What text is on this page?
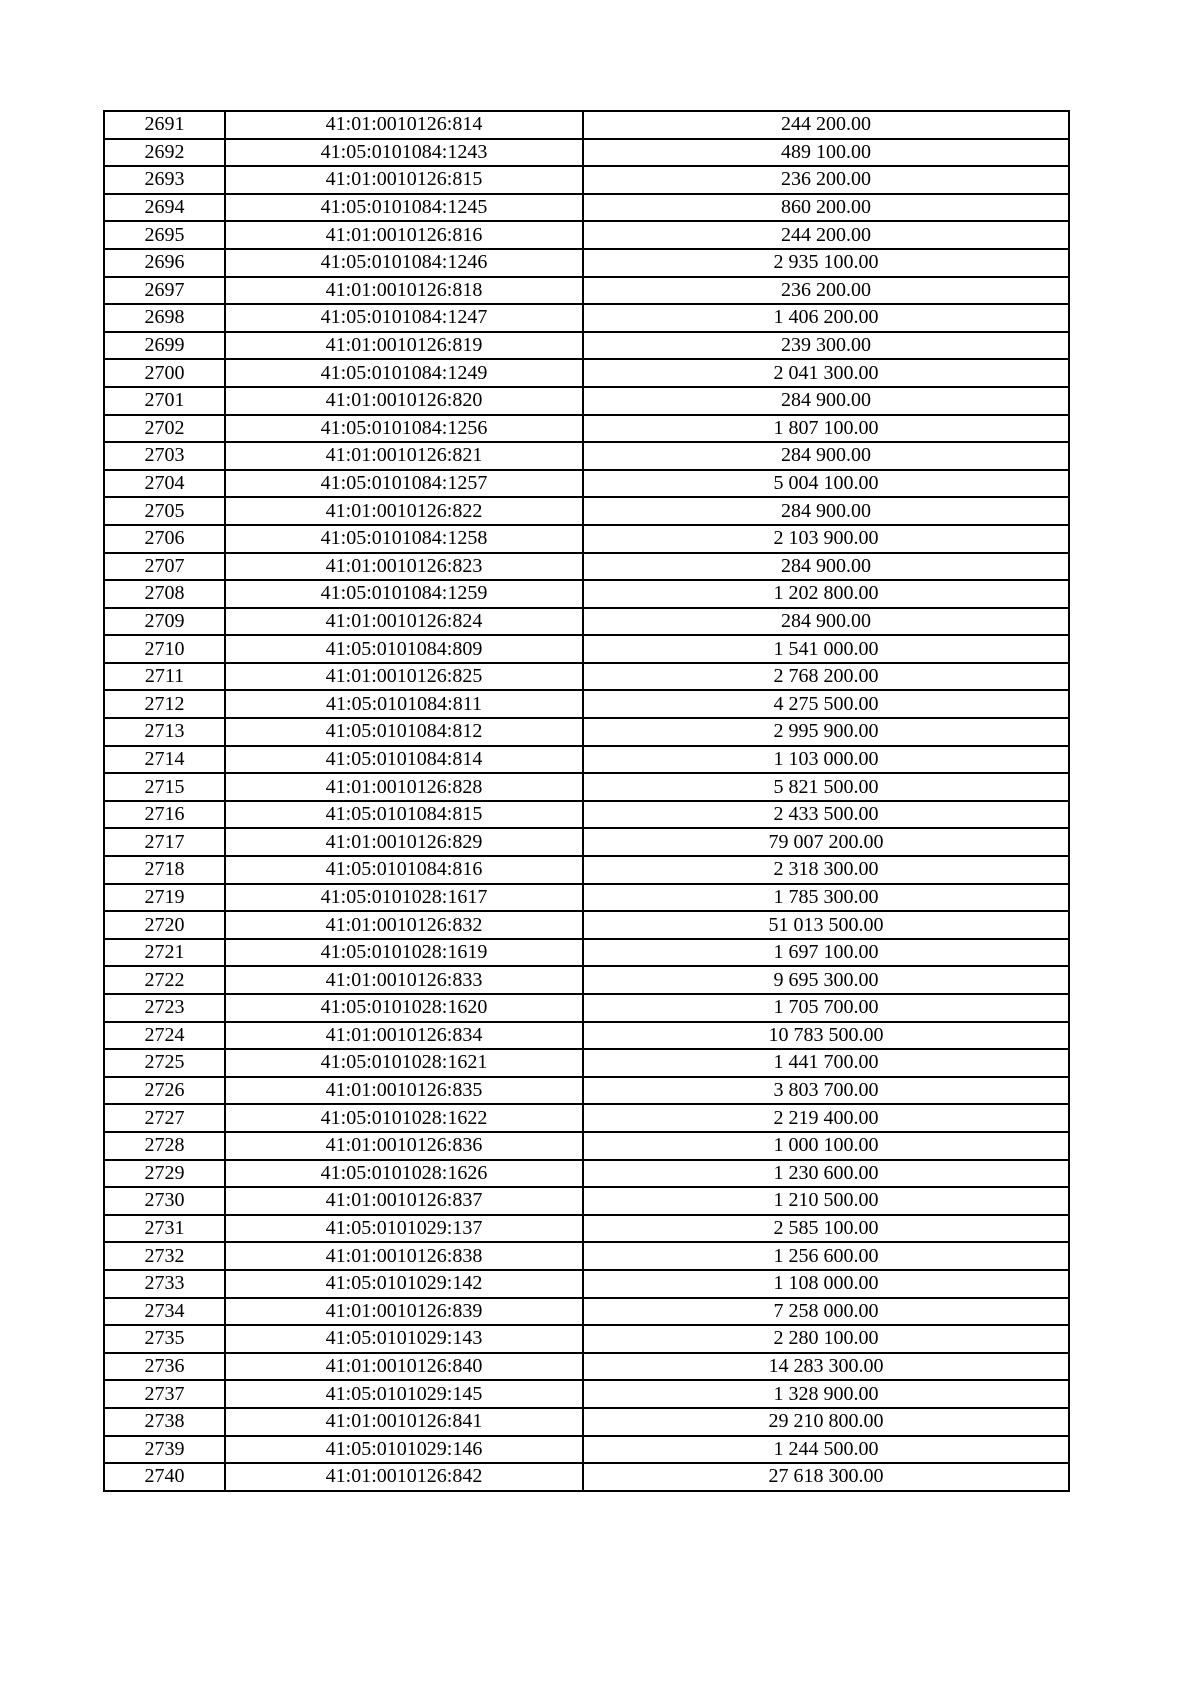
2691	41:01:0010126:814	244 200.00
2692	41:05:0101084:1243	489 100.00
2693	41:01:0010126:815	236 200.00
2694	41:05:0101084:1245	860 200.00
2695	41:01:0010126:816	244 200.00
2696	41:05:0101084:1246	2 935 100.00
2697	41:01:0010126:818	236 200.00
2698	41:05:0101084:1247	1 406 200.00
2699	41:01:0010126:819	239 300.00
2700	41:05:0101084:1249	2 041 300.00
2701	41:01:0010126:820	284 900.00
2702	41:05:0101084:1256	1 807 100.00
2703	41:01:0010126:821	284 900.00
2704	41:05:0101084:1257	5 004 100.00
2705	41:01:0010126:822	284 900.00
2706	41:05:0101084:1258	2 103 900.00
2707	41:01:0010126:823	284 900.00
2708	41:05:0101084:1259	1 202 800.00
2709	41:01:0010126:824	284 900.00
2710	41:05:0101084:809	1 541 000.00
2711	41:01:0010126:825	2 768 200.00
2712	41:05:0101084:811	4 275 500.00
2713	41:05:0101084:812	2 995 900.00
2714	41:05:0101084:814	1 103 000.00
2715	41:01:0010126:828	5 821 500.00
2716	41:05:0101084:815	2 433 500.00
2717	41:01:0010126:829	79 007 200.00
2718	41:05:0101084:816	2 318 300.00
2719	41:05:0101028:1617	1 785 300.00
2720	41:01:0010126:832	51 013 500.00
2721	41:05:0101028:1619	1 697 100.00
2722	41:01:0010126:833	9 695 300.00
2723	41:05:0101028:1620	1 705 700.00
2724	41:01:0010126:834	10 783 500.00
2725	41:05:0101028:1621	1 441 700.00
2726	41:01:0010126:835	3 803 700.00
2727	41:05:0101028:1622	2 219 400.00
2728	41:01:0010126:836	1 000 100.00
2729	41:05:0101028:1626	1 230 600.00
2730	41:01:0010126:837	1 210 500.00
2731	41:05:0101029:137	2 585 100.00
2732	41:01:0010126:838	1 256 600.00
2733	41:05:0101029:142	1 108 000.00
2734	41:01:0010126:839	7 258 000.00
2735	41:05:0101029:143	2 280 100.00
2736	41:01:0010126:840	14 283 300.00
2737	41:05:0101029:145	1 328 900.00
2738	41:01:0010126:841	29 210 800.00
2739	41:05:0101029:146	1 244 500.00
2740	41:01:0010126:842	27 618 300.00
